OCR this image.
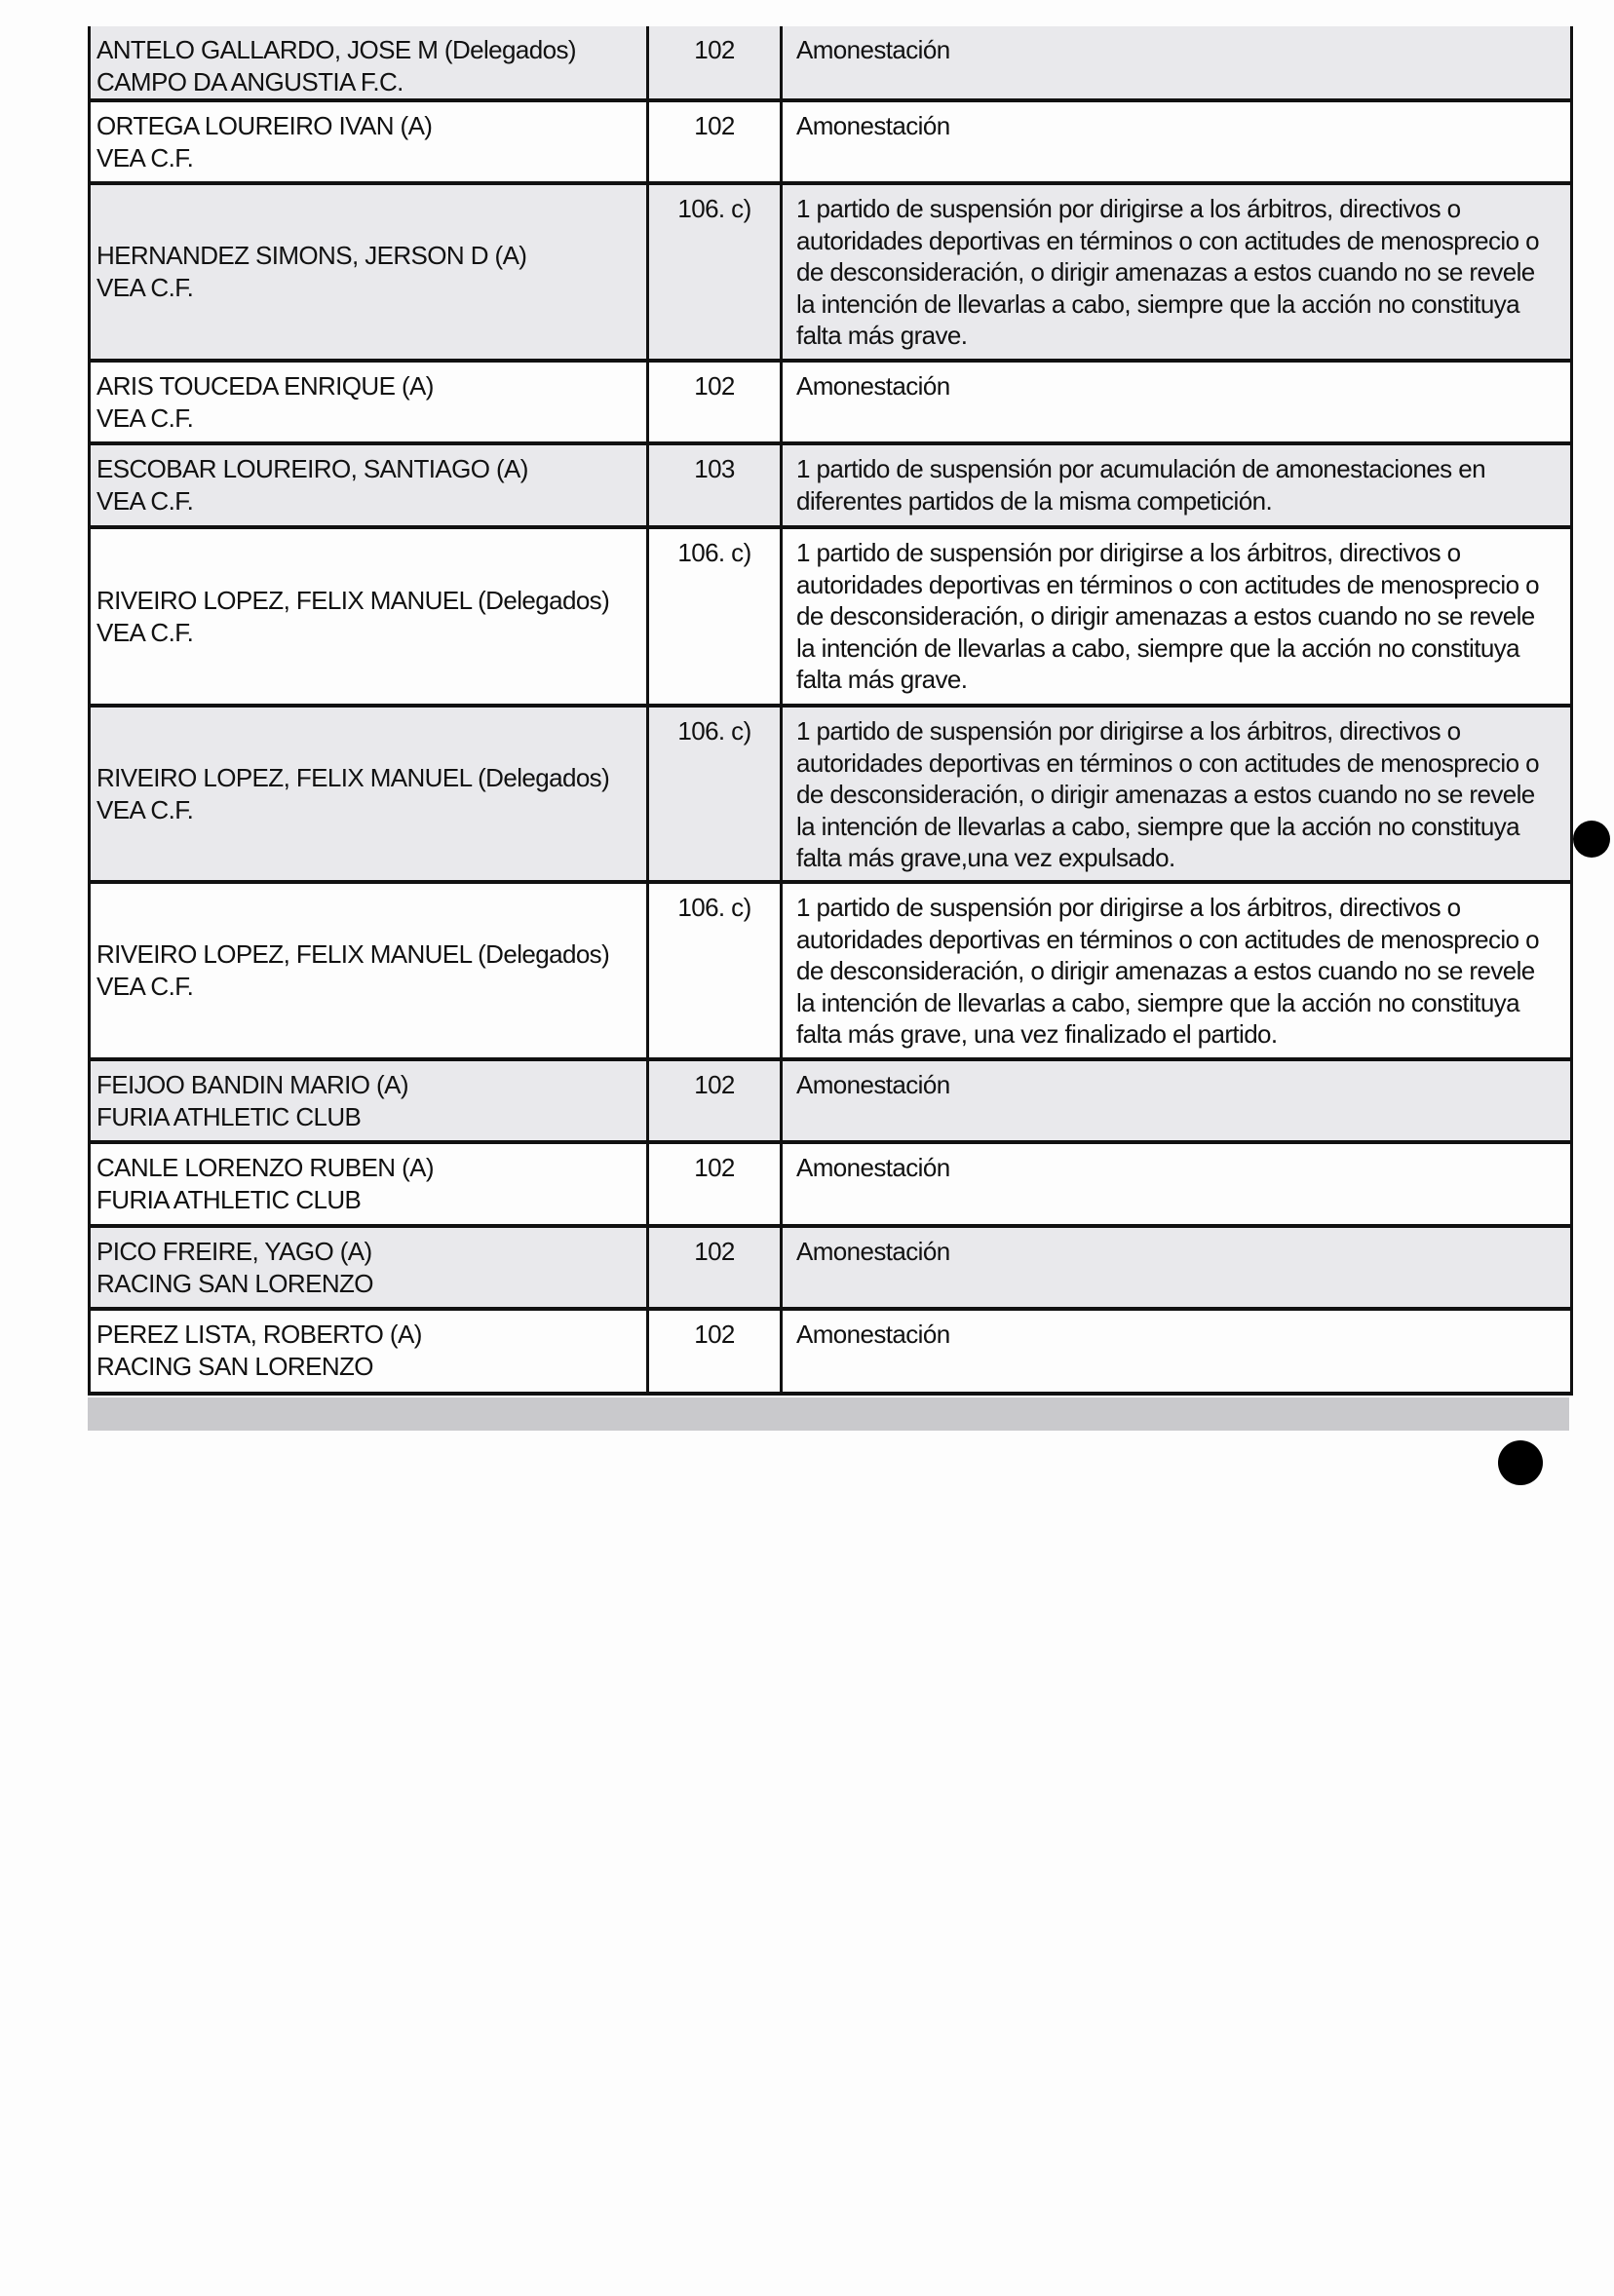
ANTELO GALLARDO, JOSE M (Delegados)
CAMPO DA ANGUSTIA F.C.
102	Amonestación
ORTEGA LOUREIRO IVAN (A)
VEA C.F.
102	Amonestación
HERNANDEZ SIMONS, JERSON D (A)
VEA C.F.
106. c)	1 partido de suspensión por dirigirse a los árbitros, directivos o autoridades deportivas en términos o con actitudes de menosprecio o de desconsideración, o dirigir amenazas a estos cuando no se revele la intención de llevarlas a cabo, siempre que la acción no constituya falta más grave.
ARIS TOUCEDA ENRIQUE (A)
VEA C.F.
102	Amonestación
ESCOBAR LOUREIRO, SANTIAGO (A)
VEA C.F.
103	1 partido de suspensión por acumulación de amonestaciones en diferentes partidos de la misma competición.
RIVEIRO LOPEZ, FELIX MANUEL (Delegados)
VEA C.F.
106. c)	1 partido de suspensión por dirigirse a los árbitros, directivos o autoridades deportivas en términos o con actitudes de menosprecio o de desconsideración, o dirigir amenazas a estos cuando no se revele la intención de llevarlas a cabo, siempre que la acción no constituya falta más grave.
RIVEIRO LOPEZ, FELIX MANUEL (Delegados)
VEA C.F.
106. c)	1 partido de suspensión por dirigirse a los árbitros, directivos o autoridades deportivas en términos o con actitudes de menosprecio o de desconsideración, o dirigir amenazas a estos cuando no se revele la intención de llevarlas a cabo, siempre que la acción no constituya falta más grave,una vez expulsado.
RIVEIRO LOPEZ, FELIX MANUEL (Delegados)
VEA C.F.
106. c)	1 partido de suspensión por dirigirse a los árbitros, directivos o autoridades deportivas en términos o con actitudes de menosprecio o de desconsideración, o dirigir amenazas a estos cuando no se revele la intención de llevarlas a cabo, siempre que la acción no constituya falta más grave, una vez finalizado el partido.
FEIJOO BANDIN MARIO (A)
FURIA ATHLETIC CLUB
102	Amonestación
CANLE LORENZO RUBEN (A)
FURIA ATHLETIC CLUB
102	Amonestación
PICO FREIRE, YAGO (A)
RACING SAN LORENZO
102	Amonestación
PEREZ LISTA, ROBERTO (A)
RACING SAN LORENZO
102	Amonestación
